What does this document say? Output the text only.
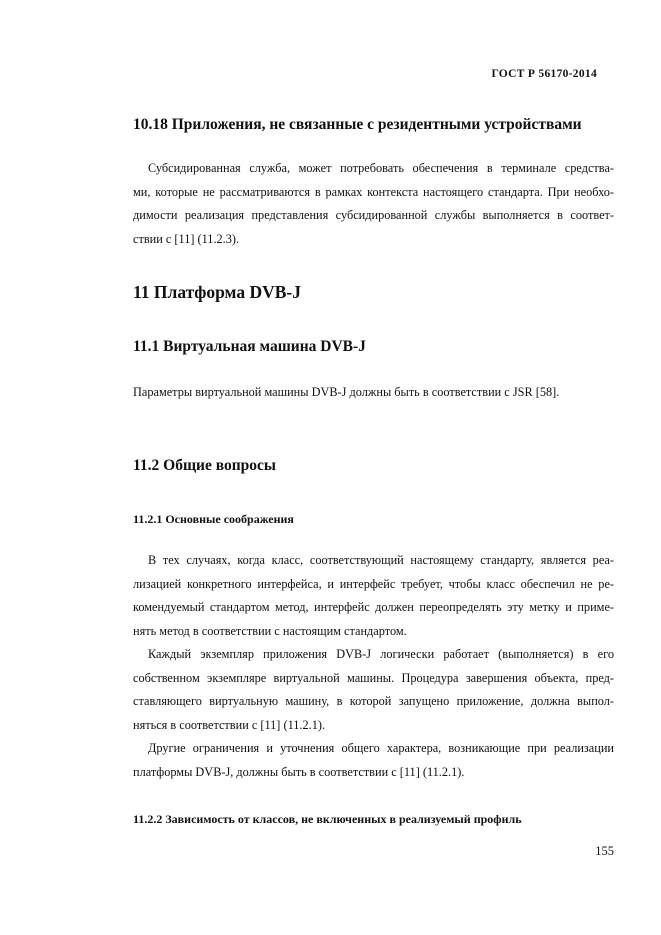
ГОСТ Р 56170-2014
10.18 Приложения, не связанные с резидентными устройствами
Субсидированная служба, может потребовать обеспечения в терминале средства-
ми, которые не рассматриваются в рамках контекста настоящего стандарта. При необхо-
димости реализация представления субсидированной службы выполняется в соответ-
ствии с [11] (11.2.3).
11 Платформа DVB-J
11.1 Виртуальная машина DVB-J
Параметры виртуальной машины DVB-J должны быть в соответствии с JSR [58].
11.2 Общие вопросы
11.2.1 Основные соображения
В тех случаях, когда класс, соответствующий настоящему стандарту, является реа-
лизацией конкретного интерфейса, и интерфейс требует, чтобы класс обеспечил не ре-
комендуемый стандартом метод, интерфейс должен переопределять эту метку и приме-
нять метод в соответствии с настоящим стандартом.
Каждый экземпляр приложения DVB-J логически работает (выполняется) в его
собственном экземпляре виртуальной машины. Процедура завершения объекта, пред-
ставляющего виртуальную машину, в которой запущено приложение, должна выпол-
няться в соответствии с [11] (11.2.1).
Другие ограничения и уточнения общего характера, возникающие при реализации
платформы DVB-J, должны быть в соответствии с [11] (11.2.1).
11.2.2 Зависимость от классов, не включенных в реализуемый профиль
155
